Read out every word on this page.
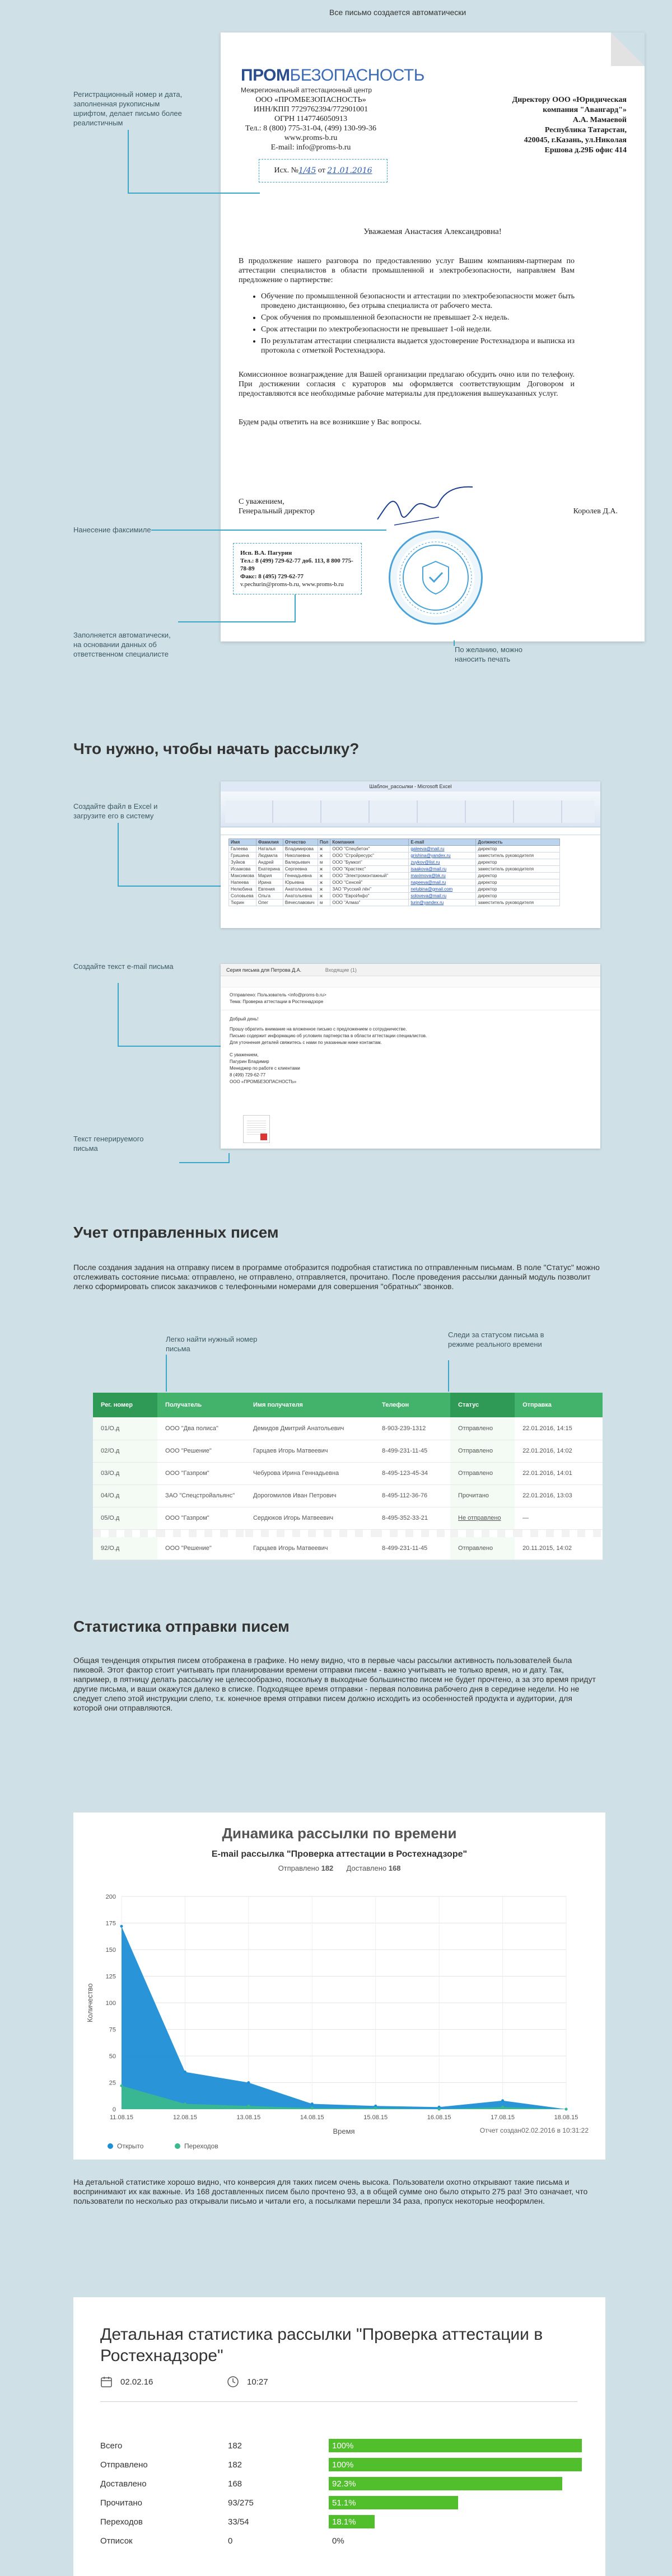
Все письмо создается автоматически
ПРОМБЕЗОПАСНОСТЬ
Межрегиональный аттестационный центр
ООО «ПРОМБЕЗОПАСНОСТЬ»
ИНН/КПП 7729762394/772901001
ОГРН 1147746050913
Тел.: 8 (800) 775-31-04, (499) 130-99-36
www.proms-b.ru
E-mail: info@proms-b.ru
Исх. № 1/45 от 21.01.2016
Директору ООО «Юридическая
компания "Авангард"»
А.А. Мамаевой
Республика Татарстан,
420045, г.Казань, ул.Николая
Ершова д.29Б офис 414
Уважаемая Анастасия Александровна!

В продолжение нашего разговора по предоставлению услуг Вашим компаниям-партнерам по аттестации специалистов в области промышленной и электробезопасности, направляем Вам предложение о партнерстве:

• Обучение по промышленной безопасности и аттестации по электробезопасности может быть проведено дистанционно, без отрыва специалиста от рабочего места.
• Срок обучения по промышленной безопасности не превышает 2-х недель.
• Срок аттестации по электробезопасности не превышает 1-ой недели.
• По результатам аттестации специалиста выдается удостоверение Ростехнадзора и выписка из протокола с отметкой Ростехнадзора.

Комиссионное вознаграждение для Вашей организации предлагаю обсудить очно или по телефону. При достижении согласия с кураторов мы оформляется соответствующим Договором и предоставляются все необходимые рабочие материалы для предложения вышеуказанных услуг.

Будем рады ответить на все возникшие у Вас вопросы.

С уважением,
Генеральный директор	Королев Д.А.
Исп. В.А. Пагурин
Тел.: 8 (499) 729-62-77 доб. 113, 8 800 775-78-89
Факс: 8 (495) 729-62-77
v.pechurin@proms-b.ru, www.proms-b.ru
Регистрационный номер и дата, заполненная рукописным шрифтом, делает письмо более реалистичным
Нанесение факсимиле
Заполняется автоматически, на основании данных об ответственном специалисте
По желанию, можно наносить печать
Что нужно, чтобы начать рассылку?
Создайте файл в Excel и загрузите его в систему
Шаблон_рассылки - Microsoft Excel
Имя	Фамилия	Отчество	Пол	Компания	E-mail	Должность
Галеева	Наталья	Владимирова	ж	ООО "Спецбетон"	galeeva@mail.ru	директор
Гришина	Людмила	Николаевна	ж	ООО "Стройресурс"	grishina@yandex.ru	заместитель руководителя
Зуйков	Андрей	Валерьевич	м	ООО "Бумкоп"	zuykov@list.ru	директор
Исаакова	Екатерина	Сергеевна	ж	ООО "Крастекс"	isaakova@mail.ru	заместитель руководителя
Максимова	Мария	Геннадьевна	ж	ООО "Электромонтажный"	maximova@bk.ru	директор
Напеева	Ирина	Юрьевна	ж	ООО "Сенсей"	napeeva@mail.ru	директор
Нелюбина	Евгения	Анатольевна	ж	ЗАО "Русский лён"	nelubina@gmail.com	директор
Соловьева	Ольга	Анатольевна	ж	ООО "ЕвроИнфо"	soloveva@mail.ru	директор
Тюрин	Олег	Вячеславович	м	ООО "Алмаз"	turin@yandex.ru	заместитель руководителя
Создайте текст e-mail письма	Серия письма для Петрова Д.А.	Входящие (1)
Отправлено: Пользователь <info@proms-b.ru>
Тема: Проверка аттестации в Ростехнадзоре
Добрый день!
Прошу обратить внимание на вложенное письмо с предложением о сотрудничестве.
Письмо содержит информацию об условиях партнерства в области аттестации специалистов.
Для уточнения деталей свяжитесь с нами по указанным ниже контактам.
С уважением,
Пагурин Владимир
Менеджер по работе с клиентами
8 (499) 729-62-77
ООО «ПРОМБЕЗОПАСНОСТЬ»
Текст генерируемого письма
Учет отправленных писем
После создания задания на отправку писем в программе отобразится подробная статистика по отправленным письмам. В поле "Статус" можно отслеживать состояние письма: отправлено, не отправлено, отправляется, прочитано. После проведения рассылки данный модуль позволит легко сформировать список заказчиков с телефонными номерами для совершения "обратных" звонков.
Легко найти нужный номер письма
Следи за статусом письма в режиме реального времени
Рег. номер	Получатель	Имя получателя	Телефон	Статус	Отправка
01/О.д	ООО "Два полиса"	Демидов Дмитрий Анатольевич	8-903-239-1312	Отправлено	22.01.2016, 14:15
02/О.д	ООО "Решение"	Гарцаев Игорь Матвеевич	8-499-231-11-45	Отправлено	22.01.2016, 14:02
03/О.д	ООО "Газпром"	Чебурова Ирина Геннадьевна	8-495-123-45-34	Отправлено	22.01.2016, 14:01
04/О.д	ЗАО "Спецстройальянс"	Дорогомилов Иван Петрович	8-495-112-36-76	Прочитано	22.01.2016, 13:03
05/О.д	ООО "Газпром"	Сердюков Игорь Матвеевич	8-495-352-33-21	Не отправлено	—

92/О.д	ООО "Решение"	Гарцаев Игорь Матвеевич	8-499-231-11-45	Отправлено	20.11.2015, 14:02
Статистика отправки писем
Общая тенденция открытия писем отображена в графике. Но нему видно, что в первые часы рассылки активность пользователей была пиковой. Этот фактор стоит учитывать при планировании времени отправки писем - важно учитывать не только время, но и дату. Так, например, в пятницу делать рассылку не целесообразно, поскольку в выходные большинство писем не будет прочтено, а за это время придут другие письма, и ваши окажутся далеко в списке. Подходящее время отправки - первая половина рабочего дня в середине недели. Но не следует слепо этой инструкции слепо, т.к. конечное время отправки писем должно исходить из особенностей продукта и аудитории, для которой они отправляются.
Динамика рассылки по времени
E-mail рассылка "Проверка аттестации в Ростехнадзоре"
Отправлено 182 Доставлено 168
0
25
50
75
100
125
150
175
200
11.08.15	12.08.15	13.08.15	14.08.15	15.08.15	16.08.15	17.08.15	18.08.15
Время
Количество
Отчет создан02.02.2016 в 10:31:22
Открыто	Переходов
На детальной статистике хорошо видно, что конверсия для таких писем очень высока. Пользователи охотно открывают такие письма и воспринимают их как важные. Из 168 доставленных писем было прочтено 93, а в общей сумме оно было открыто 275 раз! Это означает, что пользователи по несколько раз открывали письмо и читали его, а посылками перешли 34 раза, пропуск некоторые неоформлен.
Детальная статистика рассылки "Проверка аттестации в Ростехнадзоре"
02.02.16	10:27
Всего	182	100%
Отправлено	182	100%
Доставлено	168	92.3%
Прочитано	93/275	51.1%
Переходов	33/54	18.1%
Отписок	0	0%
